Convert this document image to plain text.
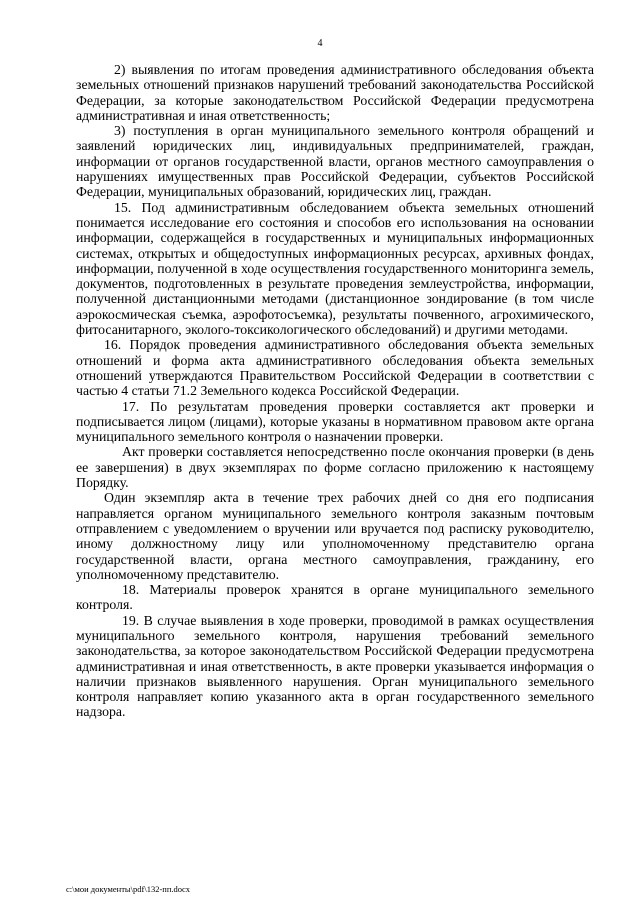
4

2) выявления по итогам проведения административного обследования объекта земельных отношений признаков нарушений требований законодательства Российской Федерации, за которые законодательством Российской Федерации предусмотрена административная и иная ответственность;

3) поступления в орган муниципального земельного контроля обращений и заявлений юридических лиц, индивидуальных предпринимателей, граждан, информации от органов государственной власти, органов местного самоуправления о нарушениях имущественных прав Российской Федерации, субъектов Российской Федерации, муниципальных образований, юридических лиц, граждан.

15. Под административным обследованием объекта земельных отношений понимается исследование его состояния и способов его использования на основании информации, содержащейся в государственных и муниципальных информационных системах, открытых и общедоступных информационных ресурсах, архивных фондах, информации, полученной в ходе осуществления государственного мониторинга земель, документов, подготовленных в результате проведения землеустройства, информации, полученной дистанционными методами (дистанционное зондирование (в том числе аэрокосмическая съемка, аэрофотосъемка), результаты почвенного, агрохимического, фитосанитарного, эколого-токсикологического обследований) и другими методами.

16. Порядок проведения административного обследования объекта земельных отношений и форма акта административного обследования объекта земельных отношений утверждаются Правительством Российской Федерации в соответствии с частью 4 статьи 71.2 Земельного кодекса Российской Федерации.

17. По результатам проведения проверки составляется акт проверки и подписывается лицом (лицами), которые указаны в нормативном правовом акте органа муниципального земельного контроля о назначении проверки.

Акт проверки составляется непосредственно после окончания проверки (в день ее завершения) в двух экземплярах по форме согласно приложению к настоящему Порядку.

Один экземпляр акта в течение трех рабочих дней со дня его подписания направляется органом муниципального земельного контроля заказным почтовым отправлением с уведомлением о вручении или вручается под расписку руководителю, иному должностному лицу или уполномоченному представителю органа государственной власти, органа местного самоуправления, гражданину, его уполномоченному представителю.

18. Материалы проверок хранятся в органе муниципального земельного контроля.

19. В случае выявления в ходе проверки, проводимой в рамках осуществления муниципального земельного контроля, нарушения требований земельного законодательства, за которое законодательством Российской Федерации предусмотрена административная и иная ответственность, в акте проверки указывается информация о наличии признаков выявленного нарушения. Орган муниципального земельного контроля направляет копию указанного акта в орган государственного земельного надзора.

c:\мои документы\pdf\132-пп.docx
